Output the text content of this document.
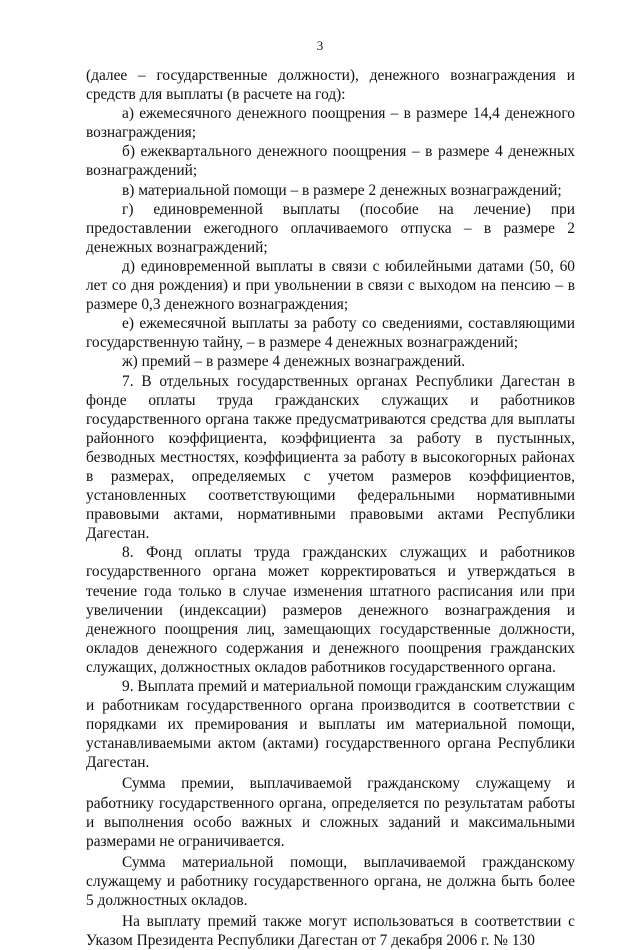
3

(далее – государственные должности), денежного вознаграждения и средств для выплаты (в расчете на год):

а) ежемесячного денежного поощрения – в размере 14,4 денежного вознаграждения;

б) ежеквартального денежного поощрения – в размере 4 денежных вознаграждений;

в) материальной помощи – в размере 2 денежных вознаграждений;

г) единовременной выплаты (пособие на лечение) при предоставлении ежегодного оплачиваемого отпуска – в размере 2 денежных вознаграждений;

д) единовременной выплаты в связи с юбилейными датами (50, 60 лет со дня рождения) и при увольнении в связи с выходом на пенсию – в размере 0,3 денежного вознаграждения;

е) ежемесячной выплаты за работу со сведениями, составляющими государственную тайну, – в размере 4 денежных вознаграждений;

ж) премий – в размере 4 денежных вознаграждений.

7. В отдельных государственных органах Республики Дагестан в фонде оплаты труда гражданских служащих и работников государственного органа также предусматриваются средства для выплаты районного коэффициента, коэффициента за работу в пустынных, безводных местностях, коэффициента за работу в высокогорных районах в размерах, определяемых с учетом размеров коэффициентов, установленных соответствующими федеральными нормативными правовыми актами, нормативными правовыми актами Республики Дагестан.

8. Фонд оплаты труда гражданских служащих и работников государственного органа может корректироваться и утверждаться в течение года только в случае изменения штатного расписания или при увеличении (индексации) размеров денежного вознаграждения и денежного поощрения лиц, замещающих государственные должности, окладов денежного содержания и денежного поощрения гражданских служащих, должностных окладов работников государственного органа.

9. Выплата премий и материальной помощи гражданским служащим и работникам государственного органа производится в соответствии с порядками их премирования и выплаты им материальной помощи, устанавливаемыми актом (актами) государственного органа Республики Дагестан.

Сумма премии, выплачиваемой гражданскому служащему и работнику государственного органа, определяется по результатам работы и выполнения особо важных и сложных заданий и максимальными размерами не ограничивается.

Сумма материальной помощи, выплачиваемой гражданскому служащему и работнику государственного органа, не должна быть более 5 должностных окладов.

На выплату премий также могут использоваться в соответствии с Указом Президента Республики Дагестан от 7 декабря 2006 г. № 130
